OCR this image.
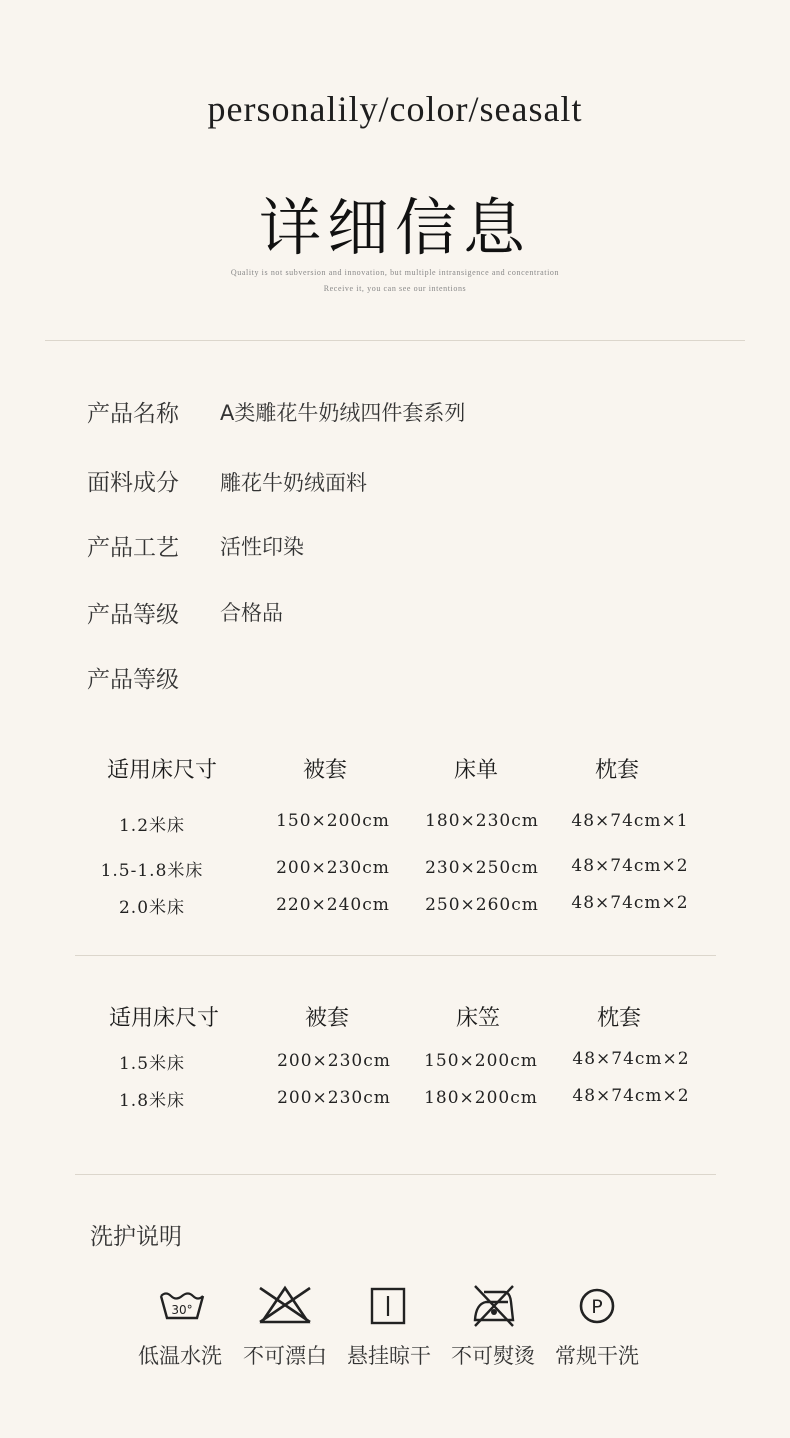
personalily/color/seasalt
详细信息
Quality is not subversion and innovation, but multiple intransigence and concentration
Receive it, you can see our intentions
产品名称 A类雕花牛奶绒四件套系列
面料成分 雕花牛奶绒面料
产品工艺 活性印染
产品等级 合格品
产品等级
适用床尺寸	被套	床单	枕套
1.2米床	150×200cm	180×230cm	48×74cm×1
1.5-1.8米床	200×230cm	230×250cm	48×74cm×2
2.0米床	220×240cm	250×260cm	48×74cm×2
适用床尺寸	被套	床笠	枕套
1.5米床	200×230cm	150×200cm	48×74cm×2
1.8米床	200×230cm	180×200cm	48×74cm×2
洗护说明
30°	P
低温水洗	不可漂白 悬挂晾干 不可熨烫 常规干洗
